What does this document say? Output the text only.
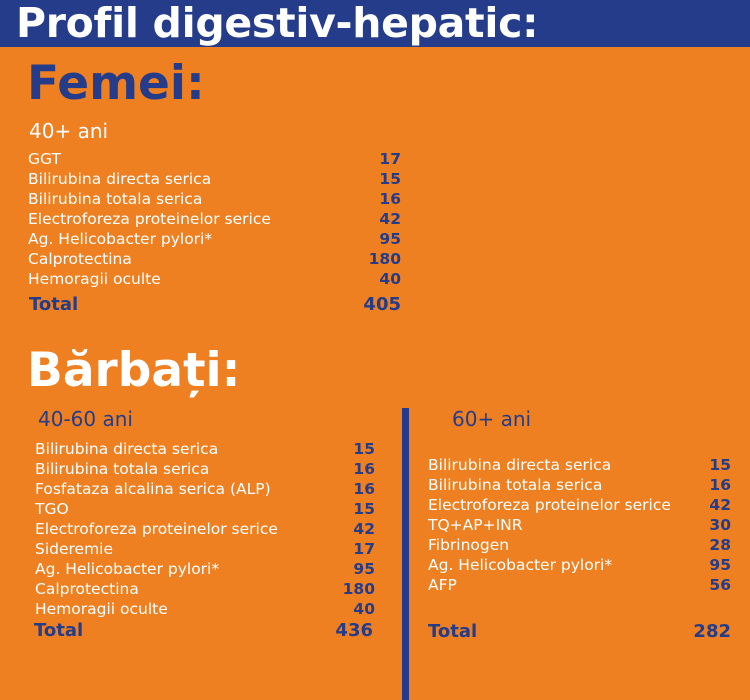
Profil digestiv-hepatic:
Femei:
40+ ani
GGT	17
Bilirubina directa serica	15
Bilirubina totala serica	16
Electroforeza proteinelor serice	42
Ag. Helicobacter pylori*	95
Calprotectina	180
Hemoragii oculte	40
Total	405
Bărbați:
40-60 ani
Bilirubina directa serica	15
Bilirubina totala serica	16
Fosfataza alcalina serica (ALP)	16
TGO	15
Electroforeza proteinelor serice	42
Sideremie	17
Ag. Helicobacter pylori*	95
Calprotectina	180
Hemoragii oculte	40
Total	436
60+ ani
Bilirubina directa serica	15
Bilirubina totala serica	16
Electroforeza proteinelor serice 42
TQ+AP+INR	30
Fibrinogen	28
Ag. Helicobacter pylori*	95
AFP	56
Total	282
